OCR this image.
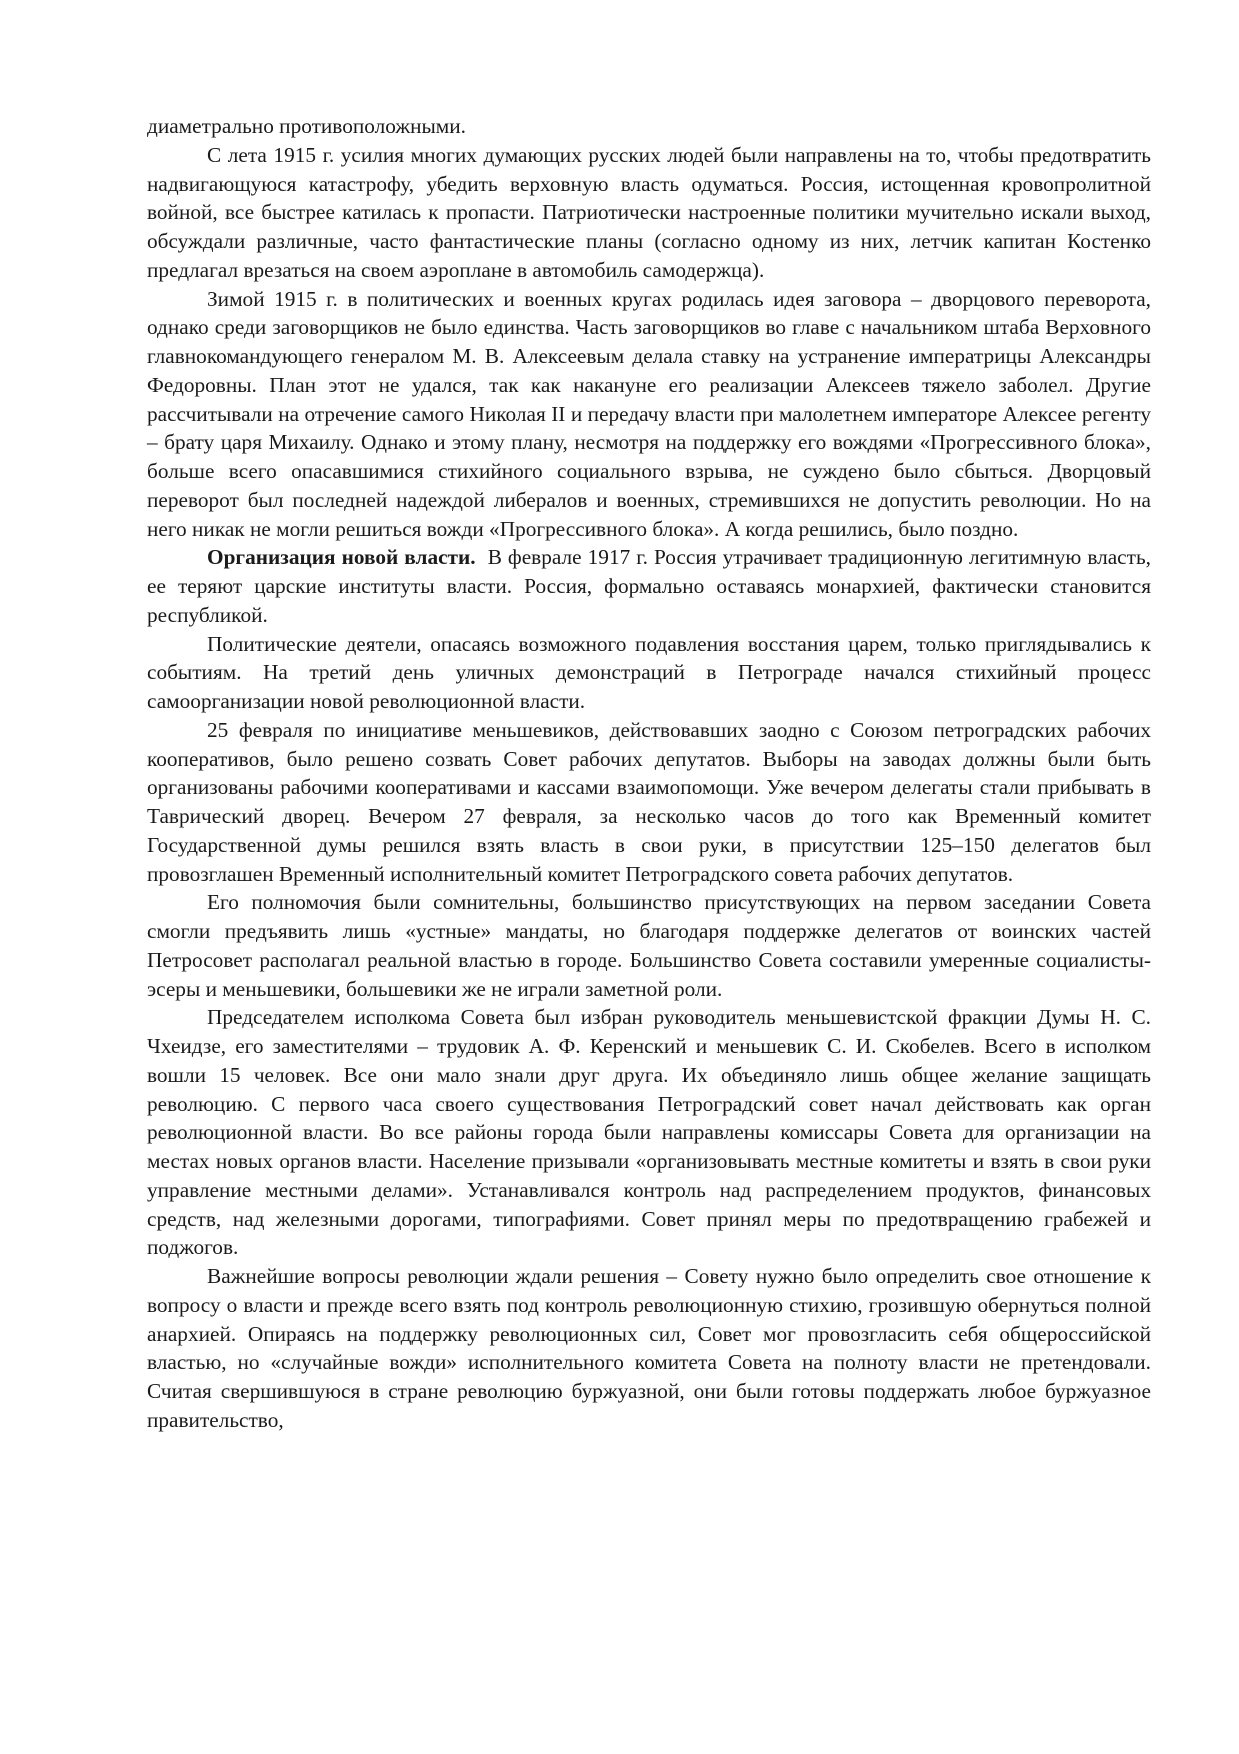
диаметрально противоположными.

С лета 1915 г. усилия многих думающих русских людей были направлены на то, чтобы предотвратить надвигающуюся катастрофу, убедить верховную власть одуматься. Россия, истощенная кровопролитной войной, все быстрее катилась к пропасти. Патриотически настроенные политики мучительно искали выход, обсуждали различные, часто фантастические планы (согласно одному из них, летчик капитан Костенко предлагал врезаться на своем аэроплане в автомобиль самодержца).

Зимой 1915 г. в политических и военных кругах родилась идея заговора – дворцового переворота, однако среди заговорщиков не было единства. Часть заговорщиков во главе с начальником штаба Верховного главнокомандующего генералом М. В. Алексеевым делала ставку на устранение императрицы Александры Федоровны. План этот не удался, так как накануне его реализации Алексеев тяжело заболел. Другие рассчитывали на отречение самого Николая II и передачу власти при малолетнем императоре Алексее регенту – брату царя Михаилу. Однако и этому плану, несмотря на поддержку его вождями «Прогрессивного блока», больше всего опасавшимися стихийного социального взрыва, не суждено было сбыться. Дворцовый переворот был последней надеждой либералов и военных, стремившихся не допустить революции. Но на него никак не могли решиться вожди «Прогрессивного блока». А когда решились, было поздно.

Организация новой власти. В феврале 1917 г. Россия утрачивает традиционную легитимную власть, ее теряют царские институты власти. Россия, формально оставаясь монархией, фактически становится республикой.

Политические деятели, опасаясь возможного подавления восстания царем, только приглядывались к событиям. На третий день уличных демонстраций в Петрограде начался стихийный процесс самоорганизации новой революционной власти.

25 февраля по инициативе меньшевиков, действовавших заодно с Союзом петроградских рабочих кооперативов, было решено созвать Совет рабочих депутатов. Выборы на заводах должны были быть организованы рабочими кооперативами и кассами взаимопомощи. Уже вечером делегаты стали прибывать в Таврический дворец. Вечером 27 февраля, за несколько часов до того как Временный комитет Государственной думы решился взять власть в свои руки, в присутствии 125–150 делегатов был провозглашен Временный исполнительный комитет Петроградского совета рабочих депутатов.

Его полномочия были сомнительны, большинство присутствующих на первом заседании Совета смогли предъявить лишь «устные» мандаты, но благодаря поддержке делегатов от воинских частей Петросовет располагал реальной властью в городе. Большинство Совета составили умеренные социалисты-эсеры и меньшевики, большевики же не играли заметной роли.

Председателем исполкома Совета был избран руководитель меньшевистской фракции Думы Н. С. Чхеидзе, его заместителями – трудовик А. Ф. Керенский и меньшевик С. И. Скобелев. Всего в исполком вошли 15 человек. Все они мало знали друг друга. Их объединяло лишь общее желание защищать революцию. С первого часа своего существования Петроградский совет начал действовать как орган революционной власти. Во все районы города были направлены комиссары Совета для организации на местах новых органов власти. Население призывали «организовывать местные комитеты и взять в свои руки управление местными делами». Устанавливался контроль над распределением продуктов, финансовых средств, над железными дорогами, типографиями. Совет принял меры по предотвращению грабежей и поджогов.

Важнейшие вопросы революции ждали решения – Совету нужно было определить свое отношение к вопросу о власти и прежде всего взять под контроль революционную стихию, грозившую обернуться полной анархией. Опираясь на поддержку революционных сил, Совет мог провозгласить себя общероссийской властью, но «случайные вожди» исполнительного комитета Совета на полноту власти не претендовали. Считая свершившуюся в стране революцию буржуазной, они были готовы поддержать любое буржуазное правительство,
